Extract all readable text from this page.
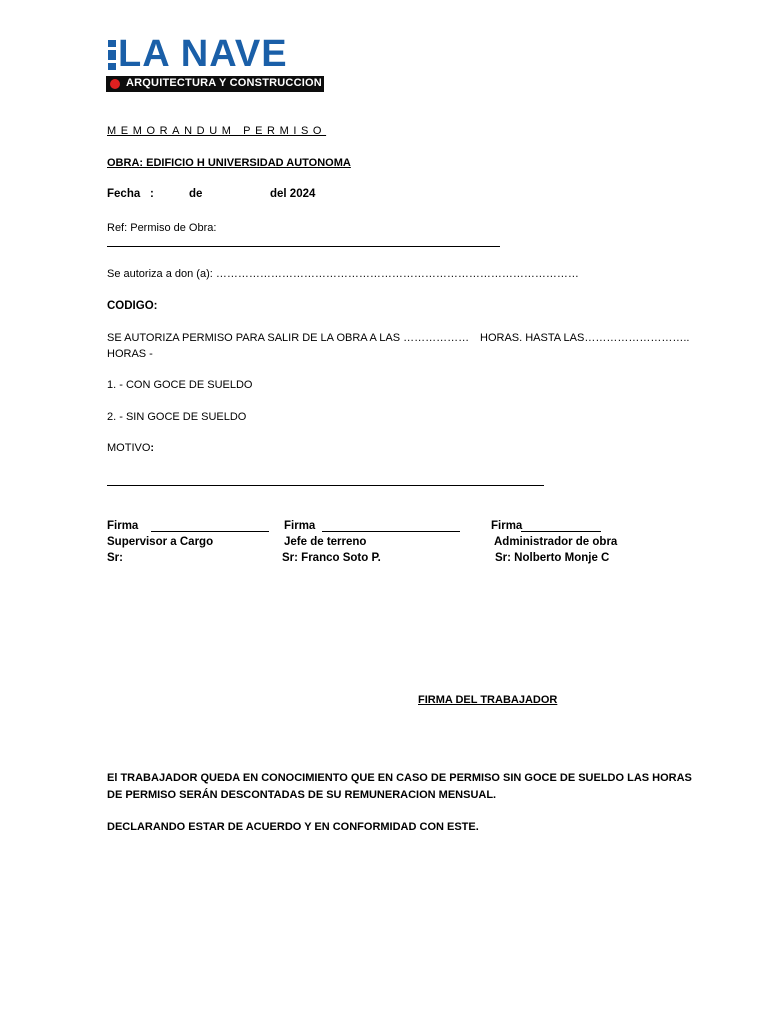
LA NAVE
ARQUITECTURA Y CONSTRUCCION
MEMORANDUM PERMISO
OBRA: EDIFICIO H UNIVERSIDAD AUTONOMA
Fecha :	de	del 2024
Ref: Permiso de Obra:
Se autoriza a don (a): ………………………………………………………………………………………
CODIGO:
SE AUTORIZA PERMISO PARA SALIR DE LA OBRA A LAS ……………… HORAS. HASTA LAS………………………..
HORAS -
1. - CON GOCE DE SUELDO
2. - SIN GOCE DE SUELDO
MOTIVO:
Firma	Firma	Firma
Supervisor a Cargo	Jefe de terreno	Administrador de obra
Sr:	Sr: Franco Soto P.	Sr: Nolberto Monje C
FIRMA DEL TRABAJADOR
El TRABAJADOR QUEDA EN CONOCIMIENTO QUE EN CASO DE PERMISO SIN GOCE DE SUELDO LAS HORAS
DE PERMISO SERÁN DESCONTADAS DE SU REMUNERACION MENSUAL.
DECLARANDO ESTAR DE ACUERDO Y EN CONFORMIDAD CON ESTE.
